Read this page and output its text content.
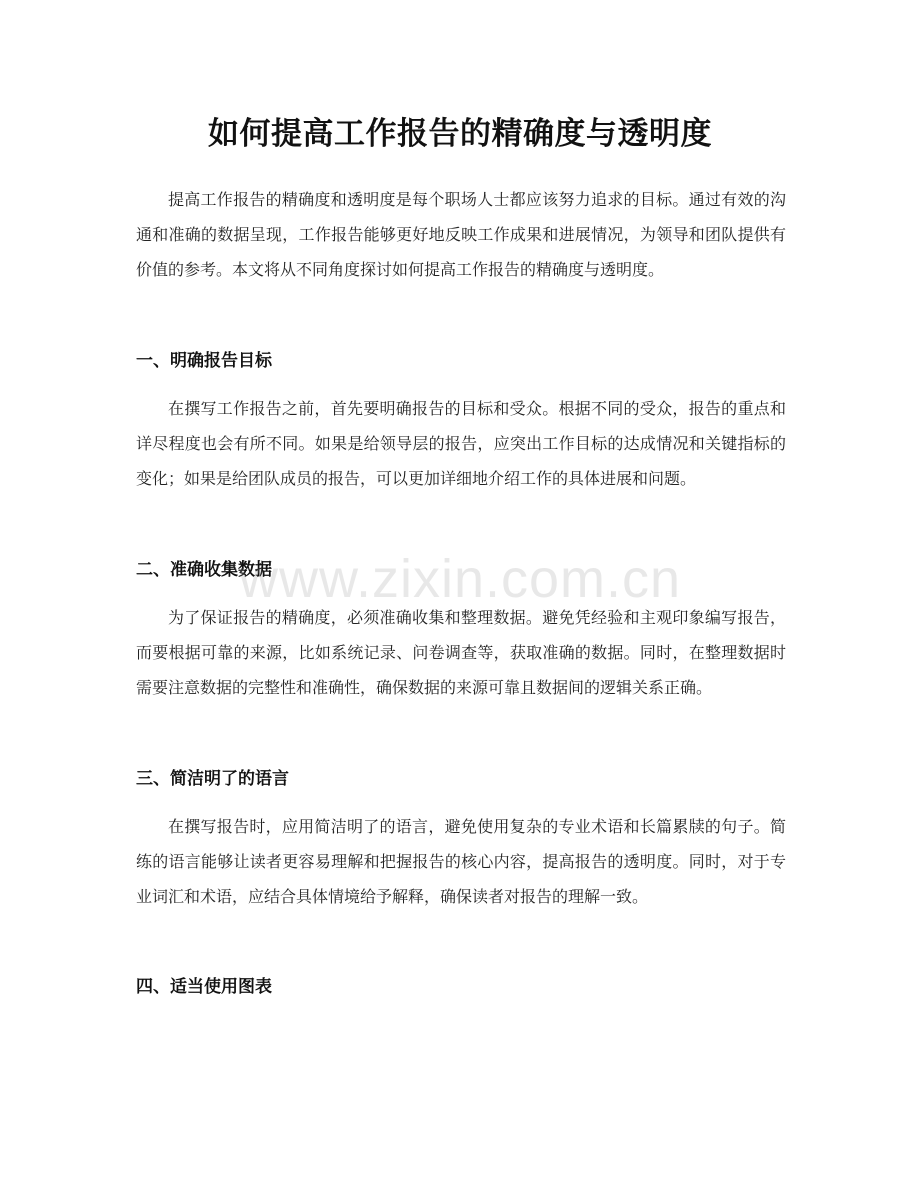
如何提高工作报告的精确度与透明度

提高工作报告的精确度和透明度是每个职场人士都应该努力追求的目标。通过有效的沟通和准确的数据呈现，工作报告能够更好地反映工作成果和进展情况，为领导和团队提供有价值的参考。本文将从不同角度探讨如何提高工作报告的精确度与透明度。

一、明确报告目标

在撰写工作报告之前，首先要明确报告的目标和受众。根据不同的受众，报告的重点和详尽程度也会有所不同。如果是给领导层的报告，应突出工作目标的达成情况和关键指标的变化；如果是给团队成员的报告，可以更加详细地介绍工作的具体进展和问题。

二、准确收集数据

为了保证报告的精确度，必须准确收集和整理数据。避免凭经验和主观印象编写报告，而要根据可靠的来源，比如系统记录、问卷调查等，获取准确的数据。同时，在整理数据时需要注意数据的完整性和准确性，确保数据的来源可靠且数据间的逻辑关系正确。

三、简洁明了的语言

在撰写报告时，应用简洁明了的语言，避免使用复杂的专业术语和长篇累牍的句子。简练的语言能够让读者更容易理解和把握报告的核心内容，提高报告的透明度。同时，对于专业词汇和术语，应结合具体情境给予解释，确保读者对报告的理解一致。

四、适当使用图表
www.zixin.com.cn
